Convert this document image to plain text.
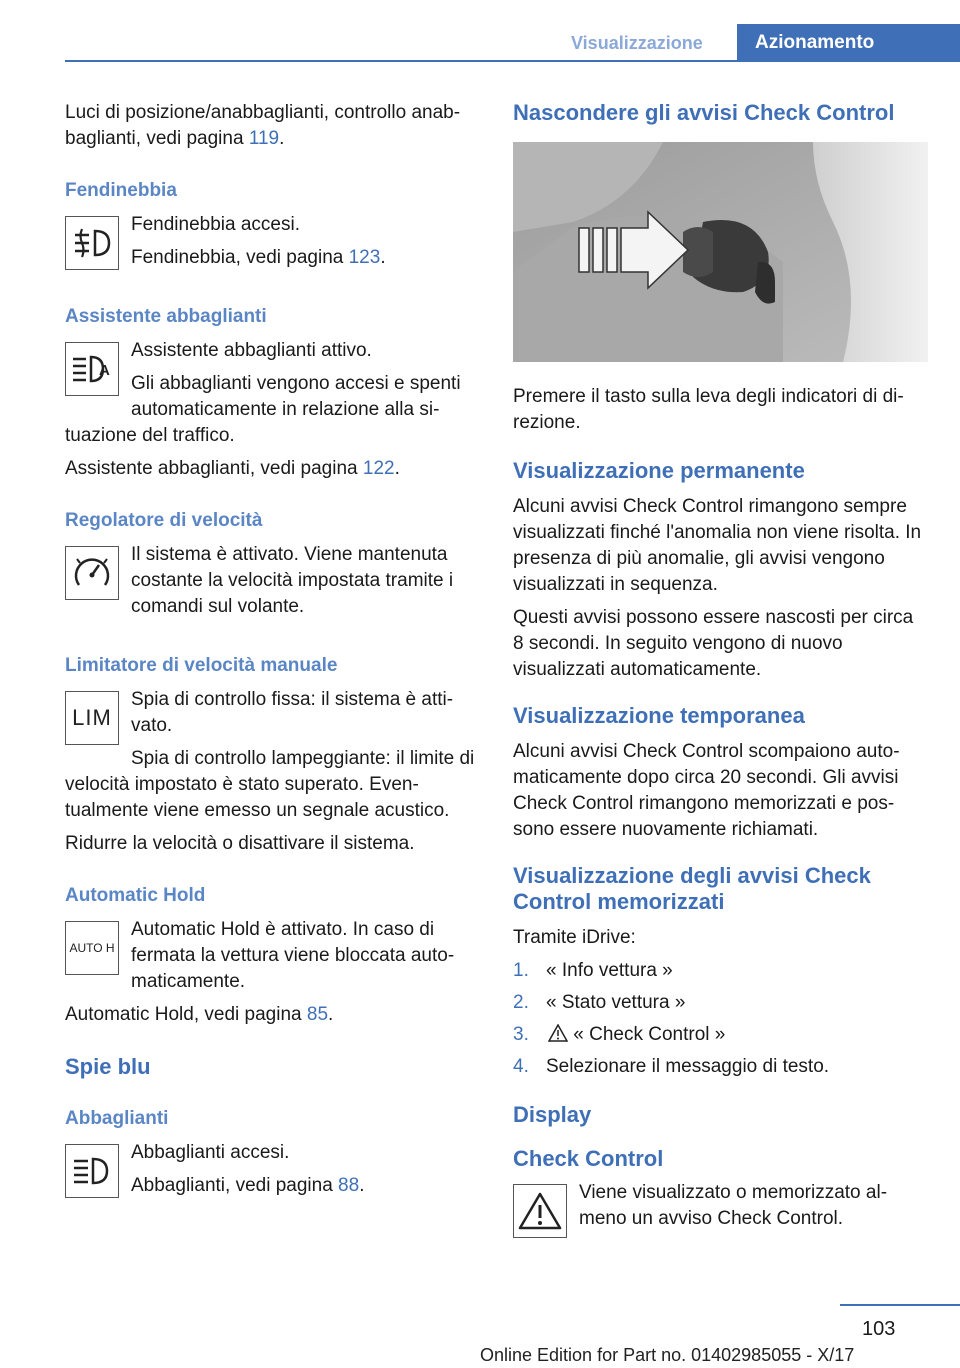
Visualizzazione	Azionamento

Luci di posizione/anabbaglianti, controllo anabbaglianti, vedi pagina 119.

Fendinebbia

Fendinebbia accesi.

Fendinebbia, vedi pagina 123.

Assistente abbaglianti
A

Assistente abbaglianti attivo.

Gli abbaglianti vengono accesi e spenti automaticamente in relazione alla situazione del traffico.

Assistente abbaglianti, vedi pagina 122.

Regolatore di velocità

Il sistema è attivato. Viene mantenuta costante la velocità impostata tramite i comandi sul volante.

Limitatore di velocità manuale
LIM

Spia di controllo fissa: il sistema è attivato.

Spia di controllo lampeggiante: il limite di velocità impostato è stato superato. Eventualmente viene emesso un segnale acustico.

Ridurre la velocità o disattivare il sistema.

Automatic Hold
AUTO H

Automatic Hold è attivato. In caso di fermata la vettura viene bloccata automaticamente.

Automatic Hold, vedi pagina 85.

Spie blu
Abbaglianti

Abbaglianti accesi.

Abbaglianti, vedi pagina 88.

Nascondere gli avvisi Check Control

Premere il tasto sulla leva degli indicatori di direzione.

Visualizzazione permanente

Alcuni avvisi Check Control rimangono sempre visualizzati finché l'anomalia non viene risolta. In presenza di più anomalie, gli avvisi vengono visualizzati in sequenza.

Questi avvisi possono essere nascosti per circa 8 secondi. In seguito vengono di nuovo visualizzati automaticamente.

Visualizzazione temporanea

Alcuni avvisi Check Control scompaiono automaticamente dopo circa 20 secondi. Gli avvisi Check Control rimangono memorizzati e possono essere nuovamente richiamati.

Visualizzazione degli avvisi Check Control memorizzati

Tramite iDrive:

1. « Info vettura »
2. « Stato vettura »
3. « Check Control »
4. Selezionare il messaggio di testo.
Display
Check Control

Viene visualizzato o memorizzato almeno un avviso Check Control.

103
Online Edition for Part no. 01402985055 - X/17
